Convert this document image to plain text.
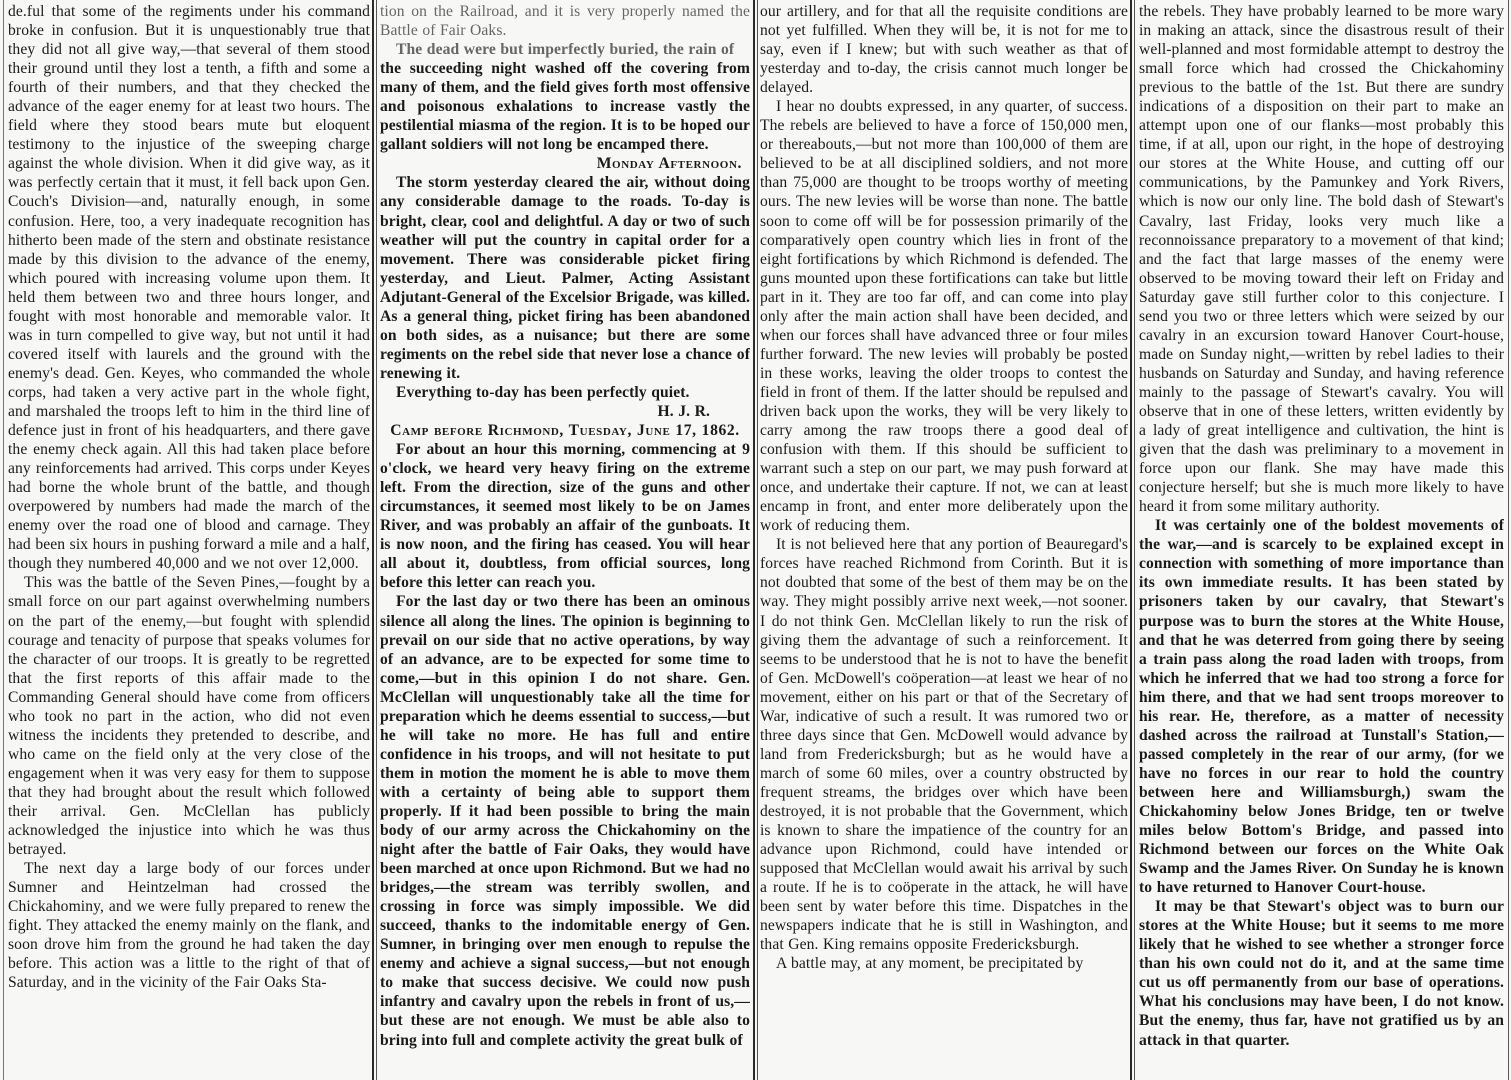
de.ful that some of the regiments under his command broke in confusion. But it is unquestionably true that they did not all give way,—that several of them stood their ground until they lost a tenth, a fifth and some a fourth of their numbers, and that they checked the advance of the eager enemy for at least two hours. The field where they stood bears mute but eloquent testimony to the injustice of the sweeping charge against the whole division. When it did give way, as it was perfectly certain that it must, it fell back upon Gen. Couch's Division—and, naturally enough, in some confusion. Here, too, a very inadequate recognition has hitherto been made of the stern and obstinate resistance made by this division to the advance of the enemy, which poured with increasing volume upon them. It held them between two and three hours longer, and fought with most honorable and memorable valor. It was in turn compelled to give way, but not until it had covered itself with laurels and the ground with the enemy's dead. Gen. Keyes, who commanded the whole corps, had taken a very active part in the whole fight, and marshaled the troops left to him in the third line of defence just in front of his headquarters, and there gave the enemy check again. All this had taken place before any reinforcements had arrived. This corps under Keyes had borne the whole brunt of the battle, and though overpowered by numbers had made the march of the enemy over the road one of blood and carnage. They had been six hours in pushing forward a mile and a half, though they numbered 40,000 and we not over 12,000.

This was the battle of the Seven Pines,—fought by a small force on our part against overwhelming numbers on the part of the enemy,—but fought with splendid courage and tenacity of purpose that speaks volumes for the character of our troops. It is greatly to be regretted that the first reports of this affair made to the Commanding General should have come from officers who took no part in the action, who did not even witness the incidents they pretended to describe, and who came on the field only at the very close of the engagement when it was very easy for them to suppose that they had brought about the result which followed their arrival. Gen. McClellan has publicly acknowledged the injustice into which he was thus betrayed.

The next day a large body of our forces under Sumner and Heintzelman had crossed the Chickahominy, and we were fully prepared to renew the fight. They attacked the enemy mainly on the flank, and soon drove him from the ground he had taken the day before. This action was a little to the right of that of Saturday, and in the vicinity of the Fair Oaks Sta-

tion on the Railroad, and it is very properly named the Battle of Fair Oaks.

The dead were but imperfectly buried, the rain of

the succeeding night washed off the covering from many of them, and the field gives forth most offensive and poisonous exhalations to increase vastly the pestilential miasma of the region. It is to be hoped our gallant soldiers will not long be encamped there.

Monday Afternoon.

The storm yesterday cleared the air, without doing any considerable damage to the roads. To-day is bright, clear, cool and delightful. A day or two of such weather will put the country in capital order for a movement. There was considerable picket firing yesterday, and Lieut. Palmer, Acting Assistant Adjutant-General of the Excelsior Brigade, was killed. As a general thing, picket firing has been abandoned on both sides, as a nuisance; but there are some regiments on the rebel side that never lose a chance of renewing it.

Everything to-day has been perfectly quiet.

H. J. R.

Camp before Richmond, Tuesday, June 17, 1862.

For about an hour this morning, commencing at 9 o'clock, we heard very heavy firing on the extreme left. From the direction, size of the guns and other circumstances, it seemed most likely to be on James River, and was probably an affair of the gunboats. It is now noon, and the firing has ceased. You will hear all about it, doubtless, from official sources, long before this letter can reach you.

For the last day or two there has been an ominous silence all along the lines. The opinion is beginning to prevail on our side that no active operations, by way of an advance, are to be expected for some time to come,—but in this opinion I do not share. Gen. McClellan will unquestionably take all the time for preparation which he deems essential to success,—but he will take no more. He has full and entire confidence in his troops, and will not hesitate to put them in motion the moment he is able to move them with a certainty of being able to support them properly. If it had been possible to bring the main body of our army across the Chickahominy on the night after the battle of Fair Oaks, they would have been marched at once upon Richmond. But we had no bridges,—the stream was terribly swollen, and crossing in force was simply impossible. We did succeed, thanks to the indomitable energy of Gen. Sumner, in bringing over men enough to repulse the enemy and achieve a signal success,—but not enough to make that success decisive. We could now push infantry and cavalry upon the rebels in front of us,—but these are not enough. We must be able also to bring into full and complete activity the great bulk of

our artillery, and for that all the requisite conditions are not yet fulfilled. When they will be, it is not for me to say, even if I knew; but with such weather as that of yesterday and to-day, the crisis cannot much longer be delayed.

I hear no doubts expressed, in any quarter, of success. The rebels are believed to have a force of 150,000 men, or thereabouts,—but not more than 100,000 of them are believed to be at all disciplined soldiers, and not more than 75,000 are thought to be troops worthy of meeting ours. The new levies will be worse than none. The battle soon to come off will be for possession primarily of the comparatively open country which lies in front of the eight fortifications by which Richmond is defended. The guns mounted upon these fortifications can take but little part in it. They are too far off, and can come into play only after the main action shall have been decided, and when our forces shall have advanced three or four miles further forward. The new levies will probably be posted in these works, leaving the older troops to contest the field in front of them. If the latter should be repulsed and driven back upon the works, they will be very likely to carry among the raw troops there a good deal of confusion with them. If this should be sufficient to warrant such a step on our part, we may push forward at once, and undertake their capture. If not, we can at least encamp in front, and enter more deliberately upon the work of reducing them.

It is not believed here that any portion of Beauregard's forces have reached Richmond from Corinth. But it is not doubted that some of the best of them may be on the way. They might possibly arrive next week,—not sooner. I do not think Gen. McClellan likely to run the risk of giving them the advantage of such a reinforcement. It seems to be understood that he is not to have the benefit of Gen. McDowell's coöperation—at least we hear of no movement, either on his part or that of the Secretary of War, indicative of such a result. It was rumored two or three days since that Gen. McDowell would advance by land from Fredericksburgh; but as he would have a march of some 60 miles, over a country obstructed by frequent streams, the bridges over which have been destroyed, it is not probable that the Government, which is known to share the impatience of the country for an advance upon Richmond, could have intended or supposed that McClellan would await his arrival by such a route. If he is to coöperate in the attack, he will have been sent by water before this time. Dispatches in the newspapers indicate that he is still in Washington, and that Gen. King remains opposite Fredericksburgh.

A battle may, at any moment, be precipitated by

the rebels. They have probably learned to be more wary in making an attack, since the disastrous result of their well-planned and most formidable attempt to destroy the small force which had crossed the Chickahominy previous to the battle of the 1st. But there are sundry indications of a disposition on their part to make an attempt upon one of our flanks—most probably this time, if at all, upon our right, in the hope of destroying our stores at the White House, and cutting off our communications, by the Pamunkey and York Rivers, which is now our only line. The bold dash of Stewart's Cavalry, last Friday, looks very much like a reconnoissance preparatory to a movement of that kind; and the fact that large masses of the enemy were observed to be moving toward their left on Friday and Saturday gave still further color to this conjecture. I send you two or three letters which were seized by our cavalry in an excursion toward Hanover Court-house, made on Sunday night,—written by rebel ladies to their husbands on Saturday and Sunday, and having reference mainly to the passage of Stewart's cavalry. You will observe that in one of these letters, written evidently by a lady of great intelligence and cultivation, the hint is given that the dash was preliminary to a movement in force upon our flank. She may have made this conjecture herself; but she is much more likely to have heard it from some military authority.

It was certainly one of the boldest movements of the war,—and is scarcely to be explained except in connection with something of more importance than its own immediate results. It has been stated by prisoners taken by our cavalry, that Stewart's purpose was to burn the stores at the White House, and that he was deterred from going there by seeing a train pass along the road laden with troops, from which he inferred that we had too strong a force for him there, and that we had sent troops moreover to his rear. He, therefore, as a matter of necessity dashed across the railroad at Tunstall's Station,—passed completely in the rear of our army, (for we have no forces in our rear to hold the country between here and Williamsburgh,) swam the Chickahominy below Jones Bridge, ten or twelve miles below Bottom's Bridge, and passed into Richmond between our forces on the White Oak Swamp and the James River. On Sunday he is known to have returned to Hanover Court-house.

It may be that Stewart's object was to burn our stores at the White House; but it seems to me more likely that he wished to see whether a stronger force than his own could not do it, and at the same time cut us off permanently from our base of operations. What his conclusions may have been, I do not know. But the enemy, thus far, have not gratified us by an attack in that quarter.
